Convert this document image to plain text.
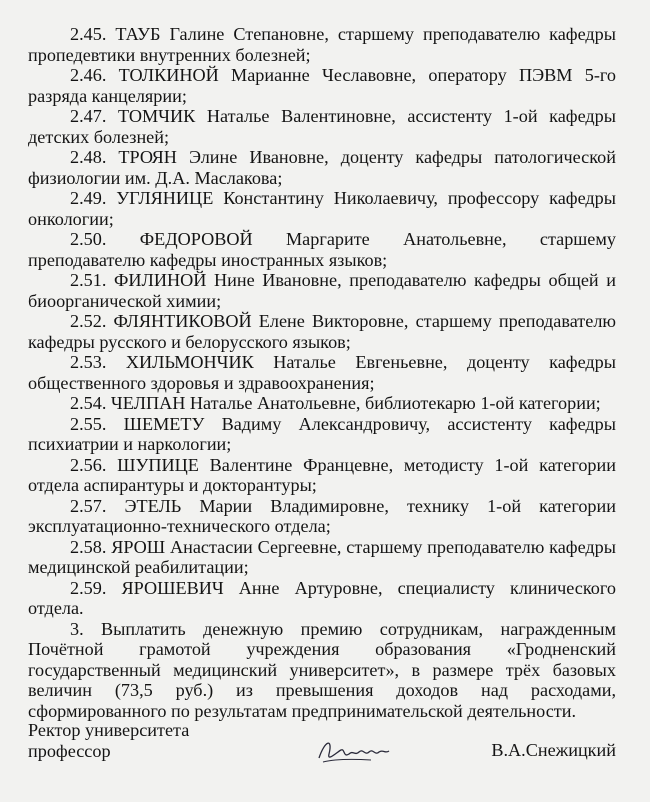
2.45. ТАУБ Галине Степановне, старшему преподавателю кафедры пропедевтики внутренних болезней;

2.46. ТОЛКИНОЙ Марианне Чеславовне, оператору ПЭВМ 5-го разряда канцелярии;

2.47. ТОМЧИК Наталье Валентиновне, ассистенту 1-ой кафедры детских болезней;

2.48. ТРОЯН Элине Ивановне, доценту кафедры патологической физиологии им. Д.А. Маслакова;

2.49. УГЛЯНИЦЕ Константину Николаевичу, профессору кафедры онкологии;

2.50. ФЕДОРОВОЙ Маргарите Анатольевне, старшему преподавателю кафедры иностранных языков;

2.51. ФИЛИНОЙ Нине Ивановне, преподавателю кафедры общей и биоорганической химии;

2.52. ФЛЯНТИКОВОЙ Елене Викторовне, старшему преподавателю кафедры русского и белорусского языков;

2.53. ХИЛЬМОНЧИК Наталье Евгеньевне, доценту кафедры общественного здоровья и здравоохранения;

2.54. ЧЕЛПАН Наталье Анатольевне, библиотекарю 1-ой категории;

2.55. ШЕМЕТУ Вадиму Александровичу, ассистенту кафедры психиатрии и наркологии;

2.56. ШУПИЦЕ Валентине Францевне, методисту 1-ой категории отдела аспирантуры и докторантуры;

2.57. ЭТЕЛЬ Марии Владимировне, технику 1-ой категории эксплуатационно-технического отдела;

2.58. ЯРОШ Анастасии Сергеевне, старшему преподавателю кафедры медицинской реабилитации;

2.59. ЯРОШЕВИЧ Анне Артуровне, специалисту клинического отдела.

3. Выплатить денежную премию сотрудникам, награжденным Почётной грамотой учреждения образования «Гродненский государственный медицинский университет», в размере трёх базовых величин (73,5 руб.) из превышения доходов над расходами, сформированного по результатам предпринимательской деятельности.

Ректор университета
профессор	В.А.Снежицкий
